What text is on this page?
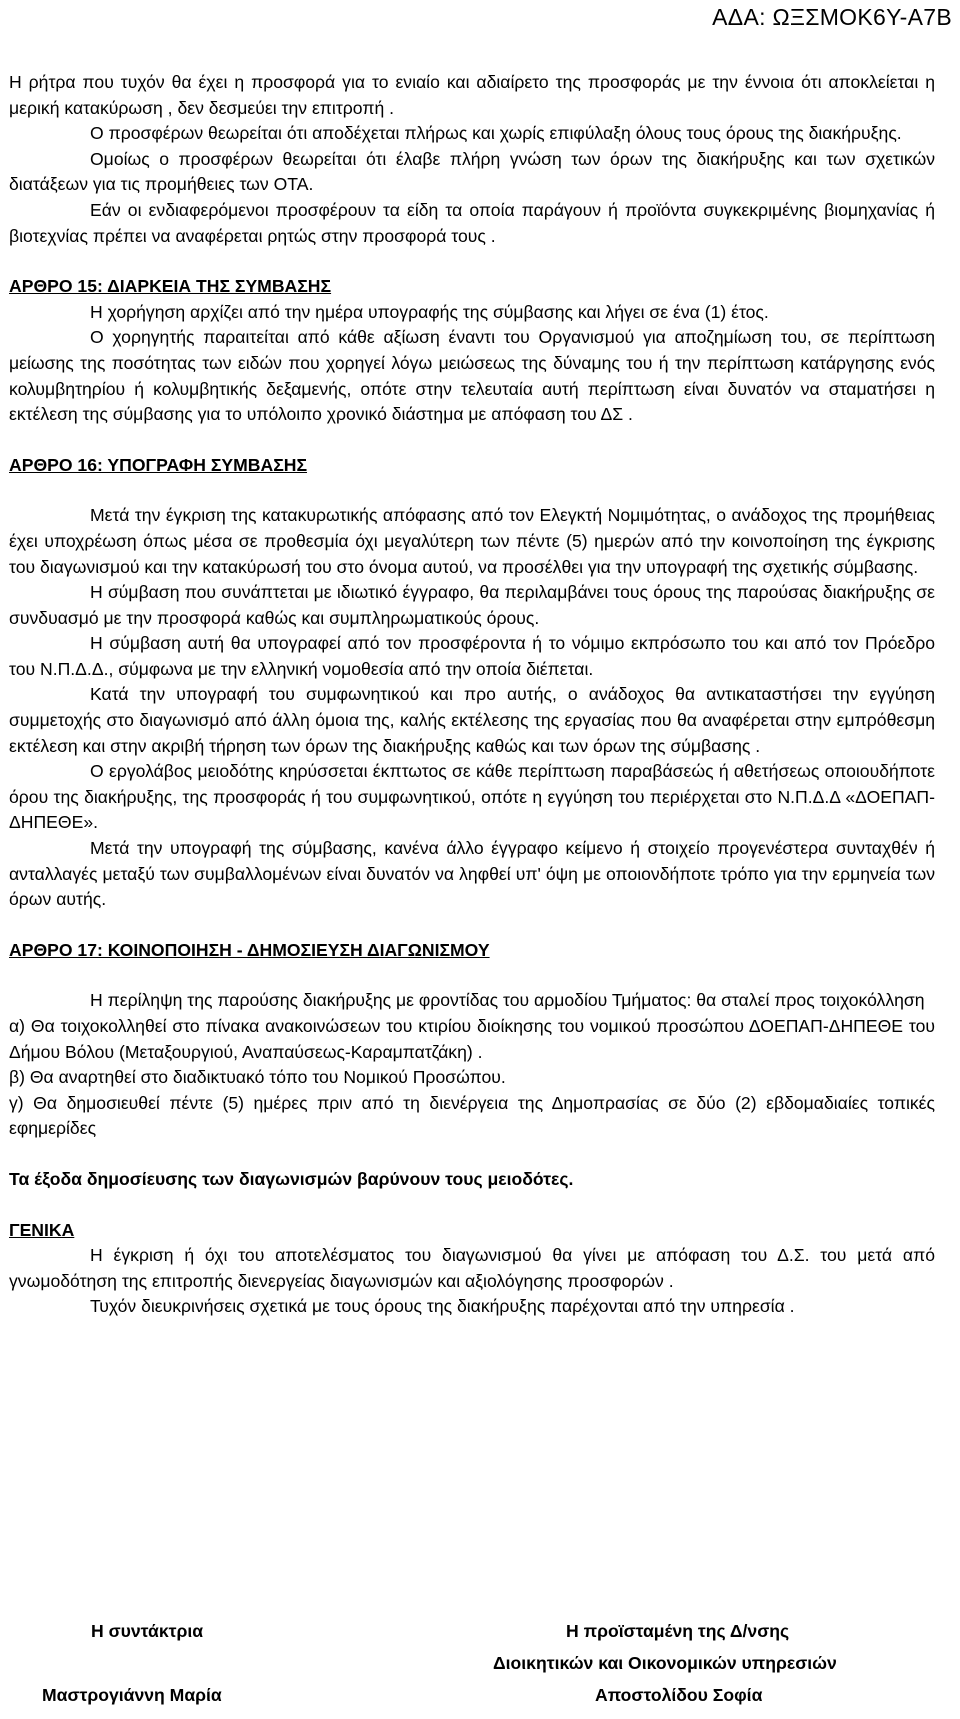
ΑΔΑ: ΩΞΣΜΟΚ6Υ-Α7Β

Η ρήτρα που τυχόν θα έχει η προσφορά για το ενιαίο και αδιαίρετο της προσφοράς με την έννοια ότι αποκλείεται η μερική κατακύρωση , δεν δεσμεύει την επιτροπή .

Ο προσφέρων θεωρείται ότι αποδέχεται πλήρως και χωρίς επιφύλαξη όλους τους όρους της διακήρυξης.

Ομοίως ο προσφέρων θεωρείται ότι έλαβε πλήρη γνώση των όρων της διακήρυξης και των σχετικών διατάξεων για τις προμήθειες των ΟΤΑ.

Εάν οι ενδιαφερόμενοι προσφέρουν τα είδη τα οποία παράγουν ή προϊόντα συγκεκριμένης βιομηχανίας ή βιοτεχνίας πρέπει να αναφέρεται ρητώς στην προσφορά τους .

ΑΡΘΡΟ 15: ΔΙΑΡΚΕΙΑ ΤΗΣ ΣΥΜΒΑΣΗΣ

Η χορήγηση αρχίζει από την ημέρα υπογραφής της σύμβασης και λήγει σε ένα (1) έτος.

Ο χορηγητής παραιτείται από κάθε αξίωση έναντι του Οργανισμού για αποζημίωση του, σε περίπτωση μείωσης της ποσότητας των ειδών που χορηγεί λόγω μειώσεως της δύναμης του ή την περίπτωση κατάργησης ενός κολυμβητηρίου ή κολυμβητικής δεξαμενής, οπότε στην τελευταία αυτή περίπτωση είναι δυνατόν να σταματήσει η εκτέλεση της σύμβασης για το υπόλοιπο χρονικό διάστημα με απόφαση του ΔΣ .

ΑΡΘΡΟ 16: ΥΠΟΓΡΑΦΗ ΣΥΜΒΑΣΗΣ

Μετά την έγκριση της κατακυρωτικής απόφασης από τον Ελεγκτή Νομιμότητας, ο ανάδοχος της προμήθειας έχει υποχρέωση όπως μέσα σε προθεσμία όχι μεγαλύτερη των πέντε (5) ημερών από την κοινοποίηση της έγκρισης του διαγωνισμού και την κατακύρωσή του στο όνομα αυτού, να προσέλθει για την υπογραφή της σχετικής σύμβασης.

Η σύμβαση που συνάπτεται με ιδιωτικό έγγραφο, θα περιλαμβάνει τους όρους της παρούσας διακήρυξης σε συνδυασμό με την προσφορά καθώς και συμπληρωματικούς όρους.

Η σύμβαση αυτή θα υπογραφεί από τον προσφέροντα ή το νόμιμο εκπρόσωπο του και από τον Πρόεδρο του Ν.Π.Δ.Δ., σύμφωνα με την ελληνική νομοθεσία από την οποία διέπεται.

Κατά την υπογραφή του συμφωνητικού και προ αυτής, ο ανάδοχος θα αντικαταστήσει την εγγύηση συμμετοχής στο διαγωνισμό από άλλη όμοια της, καλής εκτέλεσης της εργασίας που θα αναφέρεται στην εμπρόθεσμη εκτέλεση και στην ακριβή τήρηση των όρων της διακήρυξης καθώς και των όρων της σύμβασης .

Ο εργολάβος μειοδότης κηρύσσεται έκπτωτος σε κάθε περίπτωση παραβάσεώς ή αθετήσεως οποιουδήποτε όρου της διακήρυξης, της προσφοράς ή του συμφωνητικού, οπότε η εγγύηση του περιέρχεται στο Ν.Π.Δ.Δ «ΔΟΕΠΑΠ-ΔΗΠΕΘΕ».

Μετά την υπογραφή της σύμβασης, κανένα άλλο έγγραφο κείμενο ή στοιχείο προγενέστερα συνταχθέν ή ανταλλαγές μεταξύ των συμβαλλομένων είναι δυνατόν να ληφθεί υπ' όψη με οποιονδήποτε τρόπο για την ερμηνεία των όρων αυτής.

ΑΡΘΡΟ 17: ΚΟΙΝΟΠΟΙΗΣΗ - ΔΗΜΟΣΙΕΥΣΗ ΔΙΑΓΩΝΙΣΜΟΥ

Η περίληψη της παρούσης διακήρυξης με φροντίδας του αρμοδίου Τμήματος: θα σταλεί προς τοιχοκόλληση

α) Θα τοιχοκολληθεί στο πίνακα ανακοινώσεων του κτιρίου διοίκησης του νομικού προσώπου ΔΟΕΠΑΠ-ΔΗΠΕΘΕ του Δήμου Βόλου (Μεταξουργιού, Αναπαύσεως-Καραμπατζάκη) .

β) Θα αναρτηθεί στο διαδικτυακό τόπο του Νομικού Προσώπου.

γ) Θα δημοσιευθεί πέντε (5) ημέρες πριν από τη διενέργεια της Δημοπρασίας σε δύο (2) εβδομαδιαίες τοπικές εφημερίδες

Τα έξοδα δημοσίευσης των διαγωνισμών βαρύνουν τους μειοδότες.

ΓΕΝΙΚΑ

Η έγκριση ή όχι του αποτελέσματος του διαγωνισμού θα γίνει με απόφαση του Δ.Σ. του μετά από γνωμοδότηση της επιτροπής διενεργείας διαγωνισμών και αξιολόγησης προσφορών .

Τυχόν διευκρινήσεις σχετικά με τους όρους της διακήρυξης παρέχονται από την υπηρεσία .

Η συντάκτρια
Μαστρογιάννη Μαρία
Η προϊσταμένη της Δ/νσης
Διοικητικών και Οικονομικών υπηρεσιών
Αποστολίδου Σοφία
